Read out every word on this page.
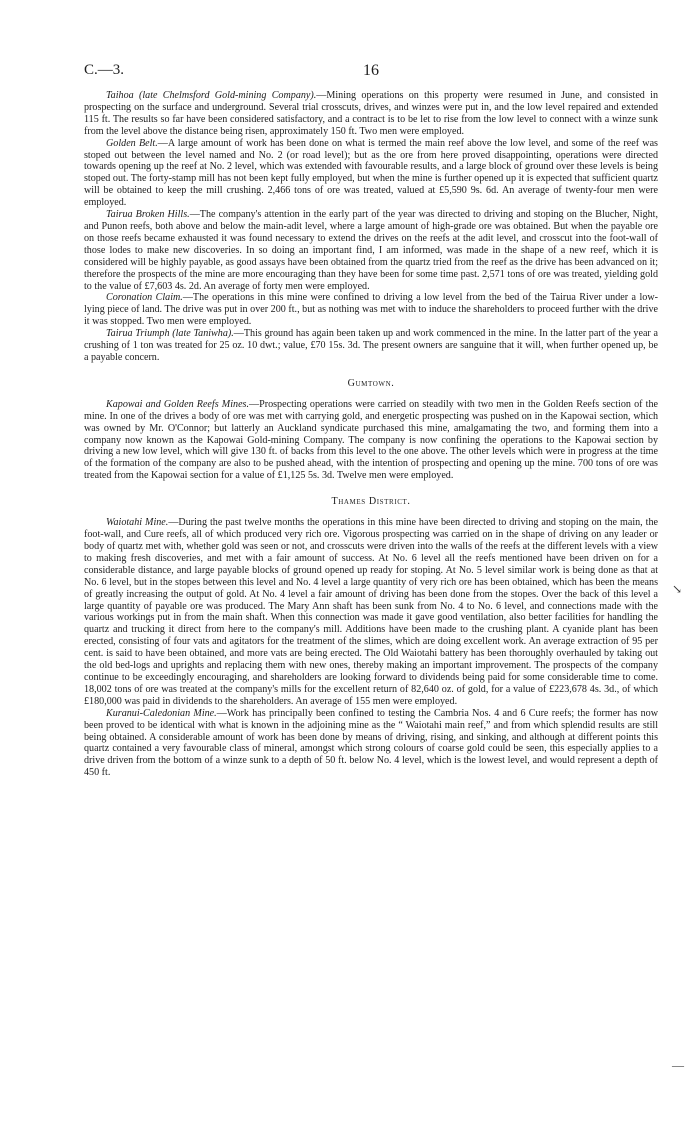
C.—3.	16

Taihoa (late Chelmsford Gold-mining Company).—Mining operations on this property were resumed in June, and consisted in prospecting on the surface and underground. Several trial crosscuts, drives, and winzes were put in, and the low level repaired and extended 115 ft. The results so far have been considered satisfactory, and a contract is to be let to rise from the low level to connect with a winze sunk from the level above the distance being risen, approximately 150 ft. Two men were employed.

Golden Belt.—A large amount of work has been done on what is termed the main reef above the low level, and some of the reef was stoped out between the level named and No. 2 (or road level); but as the ore from here proved disappointing, operations were directed towards opening up the reef at No. 2 level, which was extended with favourable results, and a large block of ground over these levels is being stoped out. The forty-stamp mill has not been kept fully employed, but when the mine is further opened up it is expected that sufficient quartz will be obtained to keep the mill crushing. 2,466 tons of ore was treated, valued at £5,590 9s. 6d. An average of twenty-four men were employed.

Tairua Broken Hills.—The company's attention in the early part of the year was directed to driving and stoping on the Blucher, Night, and Punon reefs, both above and below the main-adit level, where a large amount of high-grade ore was obtained. But when the payable ore on those reefs became exhausted it was found necessary to extend the drives on the reefs at the adit level, and crosscut into the foot-wall of those lodes to make new discoveries. In so doing an important find, I am informed, was made in the shape of a new reef, which it is considered will be highly payable, as good assays have been obtained from the quartz tried from the reef as the drive has been advanced on it; therefore the prospects of the mine are more encouraging than they have been for some time past. 2,571 tons of ore was treated, yielding gold to the value of £7,603 4s. 2d. An average of forty men were employed.

Coronation Claim.—The operations in this mine were confined to driving a low level from the bed of the Tairua River under a low-lying piece of land. The drive was put in over 200 ft., but as nothing was met with to induce the shareholders to proceed further with the drive it was stopped. Two men were employed.

Tairua Triumph (late Taniwha).—This ground has again been taken up and work commenced in the mine. In the latter part of the year a crushing of 1 ton was treated for 25 oz. 10 dwt.; value, £70 15s. 3d. The present owners are sanguine that it will, when further opened up, be a payable concern.

Gumtown.

Kapowai and Golden Reefs Mines.—Prospecting operations were carried on steadily with two men in the Golden Reefs section of the mine. In one of the drives a body of ore was met with carrying gold, and energetic prospecting was pushed on in the Kapowai section, which was owned by Mr. O'Connor; but latterly an Auckland syndicate purchased this mine, amalgamating the two, and forming them into a company now known as the Kapowai Gold-mining Company. The company is now confining the operations to the Kapowai section by driving a new low level, which will give 130 ft. of backs from this level to the one above. The other levels which were in progress at the time of the formation of the company are also to be pushed ahead, with the intention of prospecting and opening up the mine. 700 tons of ore was treated from the Kapowai section for a value of £1,125 5s. 3d. Twelve men were employed.

Thames District.

Waiotahi Mine.—During the past twelve months the operations in this mine have been directed to driving and stoping on the main, the foot-wall, and Cure reefs, all of which produced very rich ore. Vigorous prospecting was carried on in the shape of driving on any leader or body of quartz met with, whether gold was seen or not, and crosscuts were driven into the walls of the reefs at the different levels with a view to making fresh discoveries, and met with a fair amount of success. At No. 6 level all the reefs mentioned have been driven on for a considerable distance, and large payable blocks of ground opened up ready for stoping. At No. 5 level similar work is being done as that at No. 6 level, but in the stopes between this level and No. 4 level a large quantity of very rich ore has been obtained, which has been the means of greatly increasing the output of gold. At No. 4 level a fair amount of driving has been done from the stopes. Over the back of this level a large quantity of payable ore was produced. The Mary Ann shaft has been sunk from No. 4 to No. 6 level, and connections made with the various workings put in from the main shaft. When this connection was made it gave good ventilation, also better facilities for handling the quartz and trucking it direct from here to the company's mill. Additions have been made to the crushing plant. A cyanide plant has been erected, consisting of four vats and agitators for the treatment of the slimes, which are doing excellent work. An average extraction of 95 per cent. is said to have been obtained, and more vats are being erected. The Old Waiotahi battery has been thoroughly overhauled by taking out the old bed-logs and uprights and replacing them with new ones, thereby making an important improvement. The prospects of the company continue to be exceedingly encouraging, and shareholders are looking forward to dividends being paid for some considerable time to come. 18,002 tons of ore was treated at the company's mills for the excellent return of 82,640 oz. of gold, for a value of £223,678 4s. 3d., of which £180,000 was paid in dividends to the shareholders. An average of 155 men were employed.

Kuranui-Caledonian Mine.—Work has principally been confined to testing the Cambria Nos. 4 and 6 Cure reefs; the former has now been proved to be identical with what is known in the adjoining mine as the “ Waiotahi main reef,” and from which splendid results are still being obtained. A considerable amount of work has been done by means of driving, rising, and sinking, and although at different points this quartz contained a very favourable class of mineral, amongst which strong colours of coarse gold could be seen, this especially applies to a drive driven from the bottom of a winze sunk to a depth of 50 ft. below No. 4 level, which is the lowest level, and would represent a depth of 450 ft.

↘
—
